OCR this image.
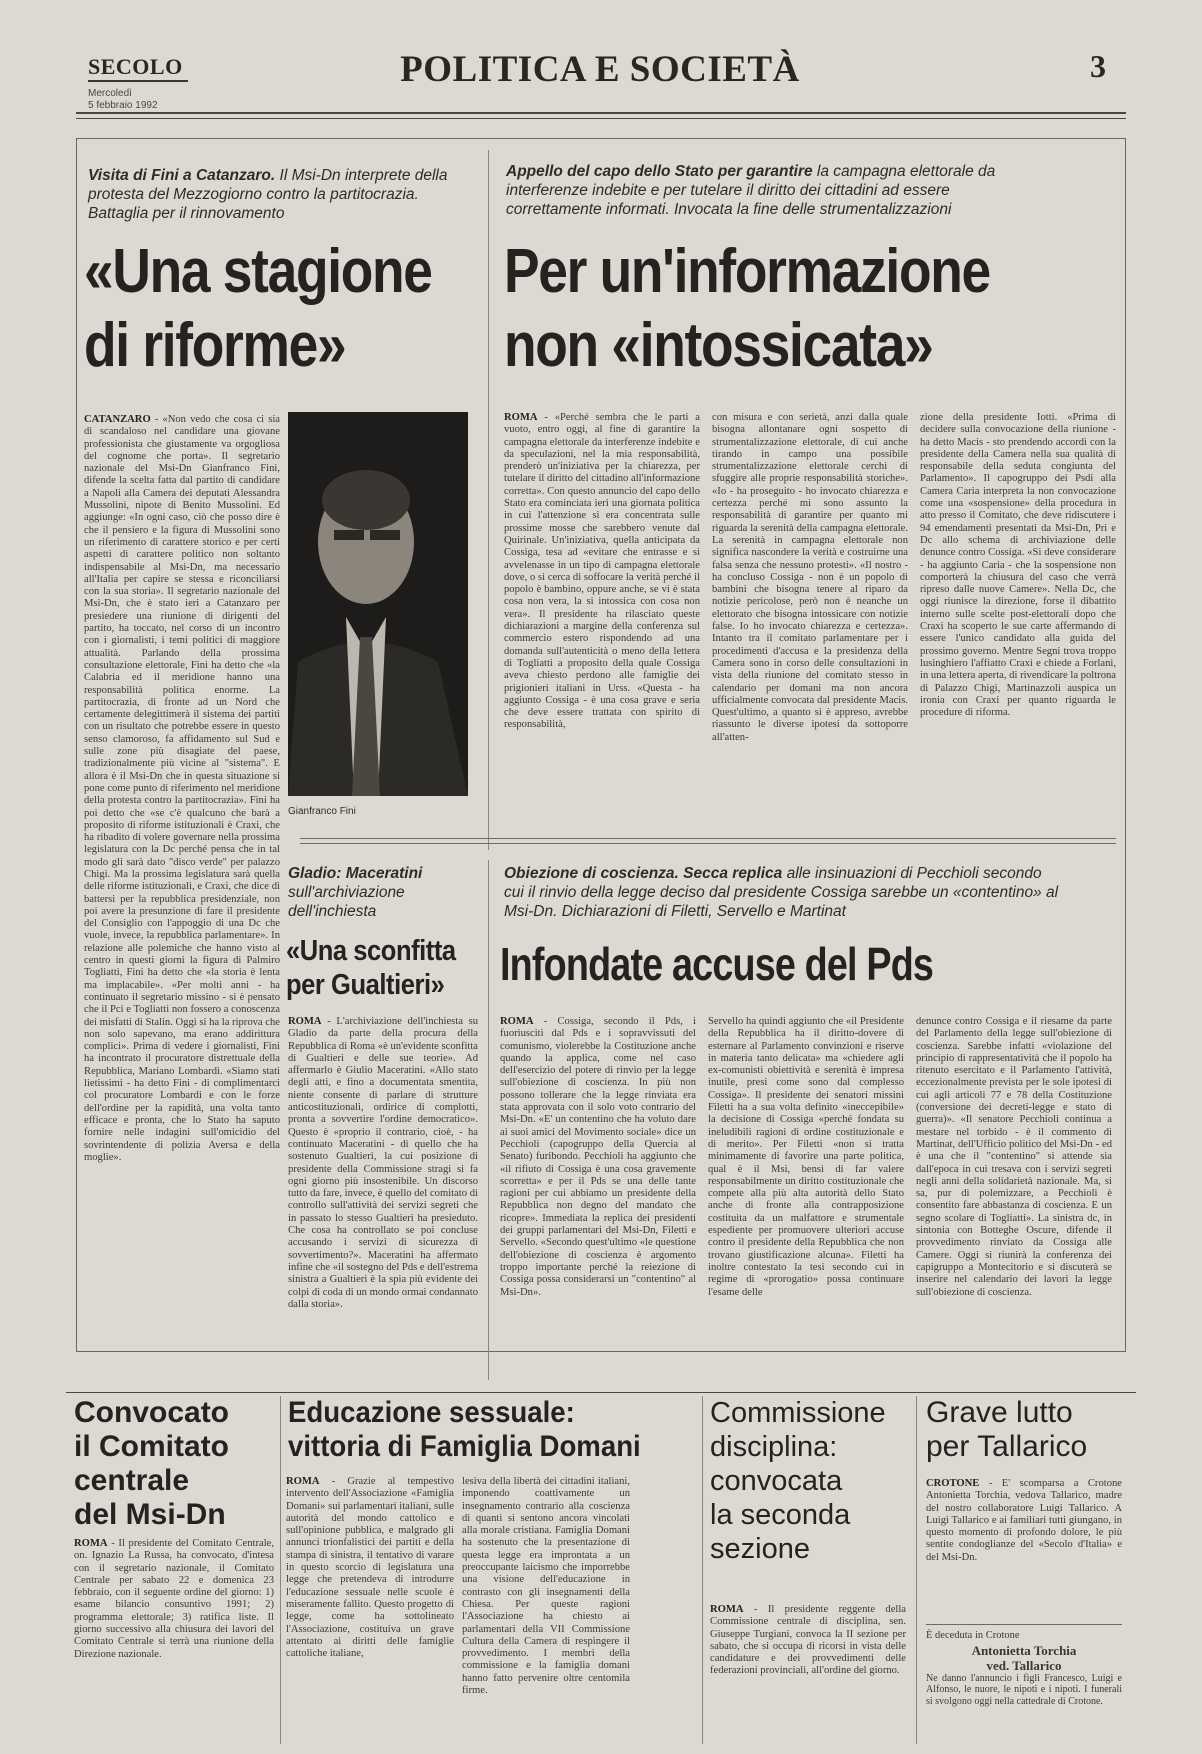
SECOLO
Mercoledì
5 febbraio 1992
POLITICA E SOCIETÀ	3
Visita di Fini a Catanzaro. Il Msi-Dn interprete della protesta del Mezzogiorno contro la partitocrazia. Battaglia per il rinnovamento
«Una stagione
di riforme»
CATANZARO - «Non vedo che cosa ci sia di scandaloso nel candidare una giovane professionista che giustamente va orgogliosa del cognome che porta». Il segretario nazionale del Msi-Dn Gianfranco Fini, difende la scelta fatta dal partito di candidare a Napoli alla Camera dei deputati Alessandra Mussolini, nipote di Benito Mussolini. Ed aggiunge: «In ogni caso, ciò che posso dire è che il pensiero e la figura di Mussolini sono un riferimento di carattere storico e per certi aspetti di carattere politico non soltanto indispensabile al Msi-Dn, ma necessario all'Italia per capire se stessa e riconciliarsi con la sua storia». Il segretario nazionale del Msi-Dn, che è stato ieri a Catanzaro per presiedere una riunione di dirigenti del partito, ha toccato, nel corso di un incontro con i giornalisti, i temi politici di maggiore attualità. Parlando della prossima consultazione elettorale, Fini ha detto che «la Calabria ed il meridione hanno una responsabilità politica enorme. La partitocrazia, di fronte ad un Nord che certamente delegittimerà il sistema dei partiti con un risultato che potrebbe essere in questo senso clamoroso, fa affidamento sul Sud e sulle zone più disagiate del paese, tradizionalmente più vicine al "sistema". E allora è il Msi-Dn che in questa situazione si pone come punto di riferimento nel meridione della protesta contro la partitocrazia». Fini ha poi detto che «se c'è qualcuno che barà a proposito di riforme istituzionali è Craxi, che ha ribadito di volere governare nella prossima legislatura con la Dc perché pensa che in tal modo gli sarà dato "disco verde" per palazzo Chigi. Ma la prossima legislatura sarà quella delle riforme istituzionali, e Craxi, che dice di battersi per la repubblica presidenziale, non poi avere la presunzione di fare il presidente del Consiglio con l'appoggio di una Dc che vuole, invece, la repubblica parlamentare». In relazione alle polemiche che hanno visto al centro in questi giorni la figura di Palmiro Togliatti, Fini ha detto che «la storia è lenta ma implacabile». «Per molti anni - ha continuato il segretario missino - si è pensato che il Pci e Togliatti non fossero a conoscenza dei misfatti di Stalin. Oggi si ha la riprova che non solo sapevano, ma erano addirittura complici». Prima di vedere i giornalisti, Fini ha incontrato il procuratore distrettuale della Repubblica, Mariano Lombardi. «Siamo stati lietissimi - ha detto Fini - di complimentarci col procuratore Lombardi e con le forze dell'ordine per la rapidità, una volta tanto efficace e pronta, che lo Stato ha saputo fornire nelle indagini sull'omicidio del sovrintendente di polizia Aversa e della moglie».
Gianfranco Fini
Appello del capo dello Stato per garantire la campagna elettorale da interferenze indebite e per tutelare il diritto dei cittadini ad essere correttamente informati. Invocata la fine delle strumentalizzazioni
Per un'informazione
non «intossicata»
ROMA - «Perché sembra che le parti a vuoto, entro oggi, al fine di garantire la campagna elettorale da interferenze indebite e da speculazioni, nel la mia responsabilità, prenderò un'iniziativa per la chiarezza, per tutelare il diritto del cittadino all'informazione corretta». Con questo annuncio del capo dello Stato era cominciata ieri una giornata politica in cui l'attenzione si era concentrata sulle prossime mosse che sarebbero venute dal Quirinale. Un'iniziativa, quella anticipata da Cossiga, tesa ad «evitare che entrasse e si avvelenasse in un tipo di campagna elettorale dove, o si cerca di soffocare la verità perché il popolo è bambino, oppure anche, se vi è stata cosa non vera, la si intossica con cosa non vera». Il presidente ha rilasciato queste dichiarazioni a margine della conferenza sul commercio estero rispondendo ad una domanda sull'autenticità o meno della lettera di Togliatti a proposito della quale Cossiga aveva chiesto perdono alle famiglie dei prigionieri italiani in Urss. «Questa - ha aggiunto Cossiga - è una cosa grave e seria che deve essere trattata con spirito di responsabilità,
con misura e con serietà, anzi dalla quale bisogna allontanare ogni sospetto di strumentalizzazione elettorale, di cui anche tirando in campo una possibile strumentalizzazione elettorale cerchi di sfuggire alle proprie responsabilità storiche». «Io - ha proseguito - ho invocato chiarezza e certezza perché mi sono assunto la responsabilità di garantire per quanto mi riguarda la serenità della campagna elettorale. La serenità in campagna elettorale non significa nascondere la verità e costruirne una falsa senza che nessuno protesti». «Il nostro - ha concluso Cossiga - non è un popolo di bambini che bisogna tenere al riparo da notizie pericolose, però non è neanche un elettorato che bisogna intossicare con notizie false. Io ho invocato chiarezza e certezza». Intanto tra il comitato parlamentare per i procedimenti d'accusa e la presidenza della Camera sono in corso delle consultazioni in vista della riunione del comitato stesso in calendario per domani ma non ancora ufficialmente convocata dal presidente Macis. Quest'ultimo, a quanto si è appreso, avrebbe riassunto le diverse ipotesi da sottoporre all'atten-
zione della presidente Iotti. «Prima di decidere sulla convocazione della riunione - ha detto Macis - sto prendendo accordi con la presidente della Camera nella sua qualità di responsabile della seduta congiunta del Parlamento». Il capogruppo dei Psdi alla Camera Caria interpreta la non convocazione come una «sospensione» della procedura in atto presso il Comitato, che deve ridiscutere i 94 emendamenti presentati da Msi-Dn, Pri e Dc allo schema di archiviazione delle denunce contro Cossiga. «Si deve considerare - ha aggiunto Caria - che la sospensione non comporterà la chiusura del caso che verrà ripreso dalle nuove Camere». Nella Dc, che oggi riunisce la direzione, forse il dibattito interno sulle scelte post-elettorali dopo che Craxi ha scoperto le sue carte affermando di essere l'unico candidato alla guida del prossimo governo. Mentre Segni trova troppo lusinghiero l'affiatto Craxi e chiede a Forlani, in una lettera aperta, di rivendicare la poltrona di Palazzo Chigi, Martinazzoli auspica un ironia con Craxi per quanto riguarda le procedure di riforma.
Gladio: Maceratini
sull'archiviazione dell'inchiesta
«Una sconfitta
per Gualtieri»
ROMA - L'archiviazione dell'inchiesta su Gladio da parte della procura della Repubblica di Roma «è un'evidente sconfitta di Gualtieri e delle sue teorie». Ad affermarlo è Giulio Maceratini. «Allo stato degli atti, e fino a documentata smentita, niente consente di parlare di strutture anticostituzionali, ordirice di complotti, pronta a sovvertire l'ordine democratico». Questo è «proprio il contrario, cioè, - ha continuato Maceratini - di quello che ha sostenuto Gualtieri, la cui posizione di presidente della Commissione stragi si fa ogni giorno più insostenibile. Un discorso tutto da fare, invece, è quello del comitato di controllo sull'attività dei servizi segreti che in passato lo stesso Gualtieri ha presieduto. Che cosa ha controllato se poi concluse accusando i servizi di sicurezza di sovvertimento?». Maceratini ha affermato infine che «il sostegno del Pds e dell'estrema sinistra a Gualtieri è la spia più evidente dei colpi di coda di un mondo ormai condannato dalla storia».
Obiezione di coscienza. Secca replica alle insinuazioni di Pecchioli secondo cui il rinvio della legge deciso dal presidente Cossiga sarebbe un «contentino» al Msi-Dn. Dichiarazioni di Filetti, Servello e Martinat
Infondate accuse del Pds
ROMA - Cossiga, secondo il Pds, i fuoriusciti dal Pds e i sopravvissuti del comunismo, violerebbe la Costituzione anche quando la applica, come nel caso dell'esercizio del potere di rinvio per la legge sull'obiezione di coscienza. In più non possono tollerare che la legge rinviata era stata approvata con il solo voto contrario del Msi-Dn. «E' un contentino che ha voluto dare ai suoi amici del Movimento sociale» dice un Pecchioli (capogruppo della Quercia al Senato) furibondo. Pecchioli ha aggiunto che «il rifiuto di Cossiga è una cosa gravemente scorretta» e per il Pds se una delle tante ragioni per cui abbiamo un presidente della Repubblica non degno del mandato che ricopre». Immediata la replica dei presidenti dei gruppi parlamentari del Msi-Dn, Filetti e Servello. «Secondo quest'ultimo «le questione dell'obiezione di coscienza è argomento troppo importante perché la reiezione di Cossiga possa considerarsi un "contentino" al Msi-Dn».
Servello ha quindi aggiunto che «il Presidente della Repubblica ha il diritto-dovere di esternare al Parlamento convinzioni e riserve in materia tanto delicata» ma «chiedere agli ex-comunisti obiettività e serenità è impresa inutile, presi come sono dal complesso Cossiga». Il presidente dei senatori missini Filetti ha a sua volta definito «ineccepibile» la decisione di Cossiga «perché fondata su ineludibili ragioni di ordine costituzionale e di merito». Per Filetti «non si tratta minimamente di favorire una parte politica, qual è il Msi, bensì di far valere responsabilmente un diritto costituzionale che compete alla più alta autorità dello Stato anche di fronte alla contrapposizione costituita da un malfattore e strumentale espediente per promuovere ulteriori accuse contro il presidente della Repubblica che non trovano giustificazione alcuna». Filetti ha inoltre contestato la tesi secondo cui in regime di «prorogatio» possa continuare l'esame delle
denunce contro Cossiga e il riesame da parte del Parlamento della legge sull'obiezione di coscienza. Sarebbe infatti «violazione del principio di rappresentatività che il popolo ha ritenuto esercitato e il Parlamento l'attività, eccezionalmente prevista per le sole ipotesi di cui agli articoli 77 e 78 della Costituzione (conversione dei decreti-legge e stato di guerra)». «Il senatore Pecchioli continua a mestare nel torbido - è il commento di Martinat, dell'Ufficio politico del Msi-Dn - ed è una che il "contentino" si attende sia dall'epoca in cui tresava con i servizi segreti negli anni della solidarietà nazionale. Ma, si sa, pur di polemizzare, a Pecchioli è consentito fare abbastanza di coscienza. E un segno scolare di Togliatti». La sinistra dc, in sintonia con Botteghe Oscure, difende il provvedimento rinviato da Cossiga alle Camere. Oggi si riunirà la conferenza dei capigruppo a Montecitorio e si discuterà se inserire nel calendario dei lavori la legge sull'obiezione di coscienza.
Convocato
il Comitato
centrale
del Msi-Dn
ROMA - Il presidente del Comitato Centrale, on. Ignazio La Russa, ha convocato, d'intesa con il segretario nazionale, il Comitato Centrale per sabato 22 e domenica 23 febbraio, con il seguente ordine del giorno: 1) esame bilancio consuntivo 1991; 2) programma elettorale; 3) ratifica liste. Il giorno successivo alla chiusura dei lavori del Comitato Centrale si terrà una riunione della Direzione nazionale.
Educazione sessuale:
vittoria di Famiglia Domani
ROMA - Grazie al tempestivo intervento dell'Associazione «Famiglia Domani» sui parlamentari italiani, sulle autorità del mondo cattolico e sull'opinione pubblica, e malgrado gli annunci trionfalistici dei partiti e della stampa di sinistra, il tentativo di varare in questo scorcio di legislatura una legge che pretendeva di introdurre l'educazione sessuale nelle scuole è miseramente fallito. Questo progetto di legge, come ha sottolineato l'Associazione, costituiva un grave attentato ai diritti delle famiglie cattoliche italiane,
lesiva della libertà dei cittadini italiani, imponendo coattivamente un insegnamento contrario alla coscienza di quanti si sentono ancora vincolati alla morale cristiana. Famiglia Domani ha sostenuto che la presentazione di questa legge era improntata a un preoccupante laicismo che imporrebbe una visione dell'educazione in contrasto con gli insegnamenti della Chiesa. Per queste ragioni l'Associazione ha chiesto ai parlamentari della VII Commissione Cultura della Camera di respingere il provvedimento. I membri della commissione e la famiglia domani hanno fatto pervenire oltre centomila firme.
Commissione
disciplina:
convocata
la seconda
sezione
ROMA - Il presidente reggente della Commissione centrale di disciplina, sen. Giuseppe Turgiani, convoca la II sezione per sabato, che si occupa di ricorsi in vista delle candidature e dei provvedimenti delle federazioni provinciali, all'ordine del giorno.
Grave lutto
per Tallarico
CROTONE - E' scomparsa a Crotone Antonietta Torchia, vedova Tallarico, madre del nostro collaboratore Luigi Tallarico. A Luigi Tallarico e ai familiari tutti giungano, in questo momento di profondo dolore, le più sentite condoglianze del «Secolo d'Italia» e del Msi-Dn.
È deceduta in Crotone
Antonietta Torchia
ved. Tallarico
Ne danno l'annuncio i figli Francesco, Luigi e Alfonso, le nuore, le nipoti e i nipoti. I funerali si svolgono oggi nella cattedrale di Crotone.
